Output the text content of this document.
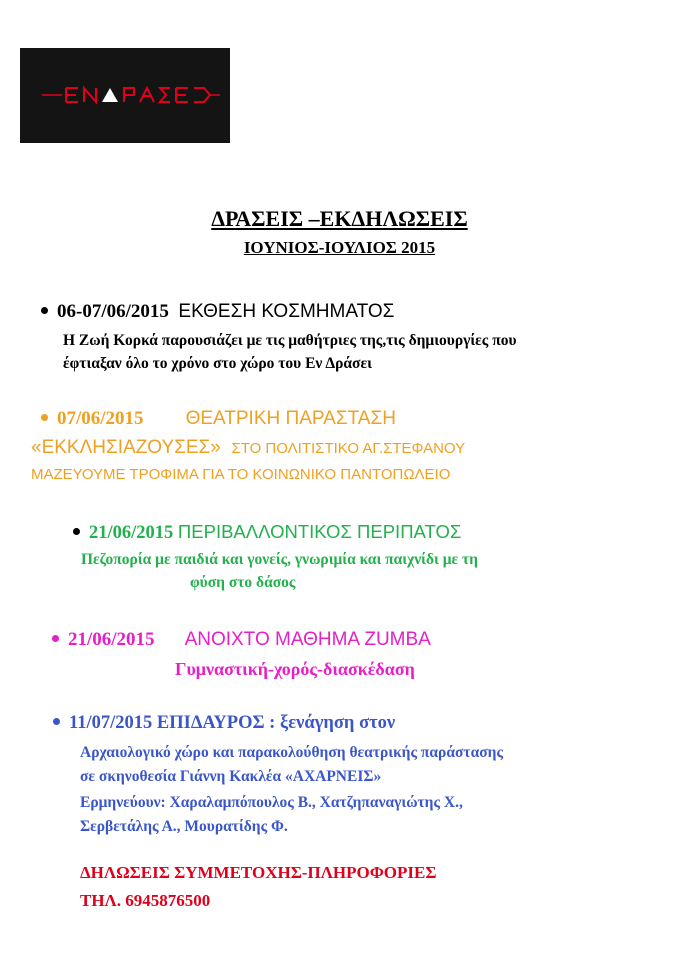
ΔΡΑΣΕΙΣ –ΕΚΔΗΛΩΣΕΙΣ
ΙΟΥΝΙΟΣ-ΙΟΥΛΙΟΣ 2015
06-07/06/2015 ΕΚΘΕΣΗ ΚΟΣΜΗΜΑΤΟΣ
Η Ζωή Κορκά παρουσιάζει με τις μαθήτριες της,τις δημιουργίες που
έφτιαξαν όλο το χρόνο στο χώρο του Εν Δράσει
07/06/2015 ΘΕΑΤΡΙΚΗ ΠΑΡΑΣΤΑΣΗ
«ΕΚΚΛΗΣΙΑΖΟΥΣΕΣ» ΣΤΟ ΠΟΛΙΤΙΣΤΙΚΟ ΑΓ.ΣΤΕΦΑΝΟΥ
ΜΑΖΕΥΟΥΜΕ ΤΡΟΦΙΜΑ ΓΙΑ ΤΟ ΚΟΙΝΩΝΙΚΟ ΠΑΝΤΟΠΩΛΕΙΟ
21/06/2015 ΠΕΡΙΒΑΛΛΟΝΤΙΚΟΣ ΠΕΡΙΠΑΤΟΣ
Πεζοπορία με παιδιά και γονείς, γνωριμία και παιχνίδι με τη
φύση στο δάσος
21/06/2015 ΑΝΟΙΧΤΟ ΜΑΘΗΜΑ ZUMBA
Γυμναστική-χορός-διασκέδαση
11/07/2015 ΕΠΙΔΑΥΡΟΣ : ξενάγηση στον
Αρχαιολογικό χώρο και παρακολούθηση θεατρικής παράστασης
σε σκηνοθεσία Γιάννη Κακλέα «ΑΧΑΡΝΕΙΣ»
Ερμηνεύουν: Χαραλαμπόπουλος Β., Χατζηπαναγιώτης Χ.,
Σερβετάλης Α., Μουρατίδης Φ.
ΔΗΛΩΣΕΙΣ ΣΥΜΜΕΤΟΧΗΣ-ΠΛΗΡΟΦΟΡΙΕΣ
ΤΗΛ. 6945876500
